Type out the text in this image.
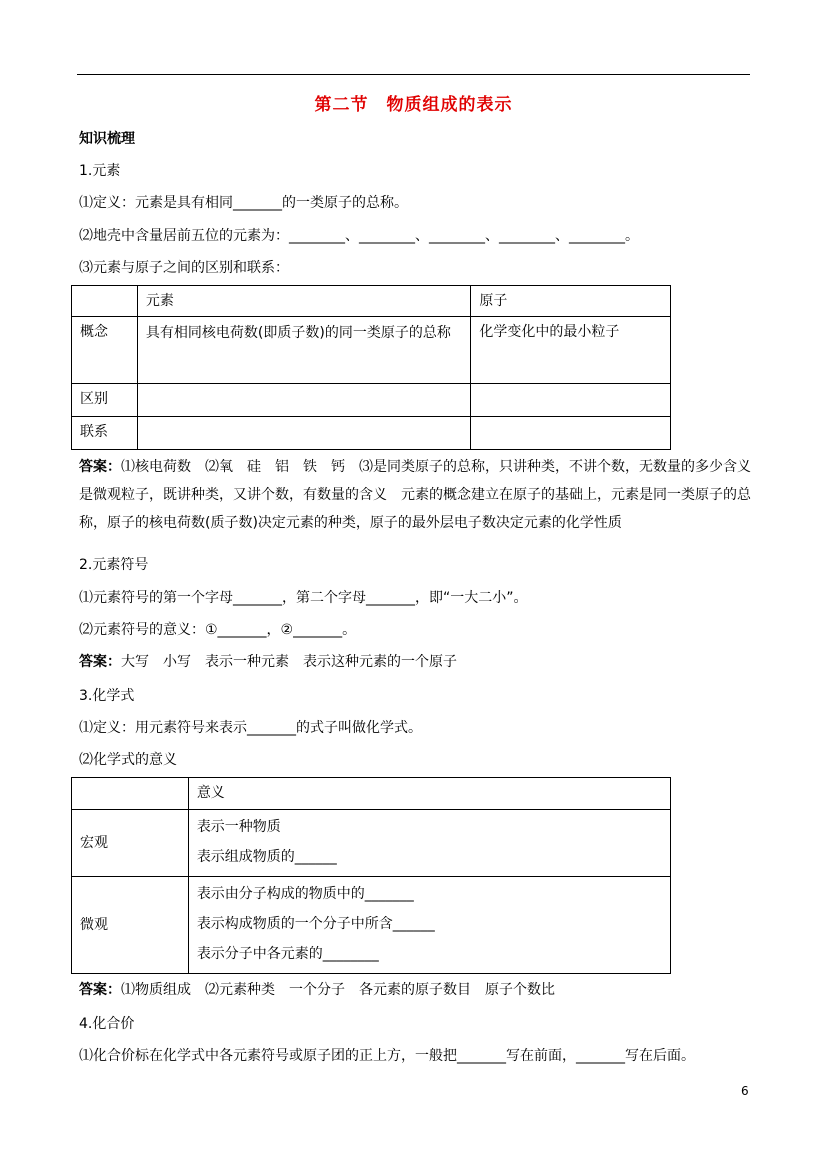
第二节　物质组成的表示
知识梳理
1.元素
⑴定义：元素是具有相同_______的一类原子的总称。
⑵地壳中含量居前五位的元素为：________、________、________、________、________。
⑶元素与原子之间的区别和联系：
	元素	原子
概念	具有相同核电荷数(即质子数)的同一类原子的总称	化学变化中的最小粒子
区别		
联系		
答案：⑴核电荷数　⑵氧　硅　铝　铁　钙　⑶是同类原子的总称，只讲种类，不讲个数，无数量的多少含义　是微观粒子，既讲种类，又讲个数，有数量的含义　元素的概念建立在原子的基础上，元素是同一类原子的总称，原子的核电荷数(质子数)决定元素的种类，原子的最外层电子数决定元素的化学性质
2.元素符号
⑴元素符号的第一个字母_______，第二个字母_______，即“一大二小”。
⑵元素符号的意义：①_______，②_______。
答案：大写　小写　表示一种元素　表示这种元素的一个原子
3.化学式
⑴定义：用元素符号来表示_______的式子叫做化学式。
⑵化学式的意义
	意义
宏观	表示一种物质
表示组成物质的______

微观	表示由分子构成的物质中的_______
表示构成物质的一个分子中所含______
表示分子中各元素的________
答案：⑴物质组成　⑵元素种类　一个分子　各元素的原子数目　原子个数比
4.化合价
⑴化合价标在化学式中各元素符号或原子团的正上方，一般把_______写在前面，_______写在后面。
6
